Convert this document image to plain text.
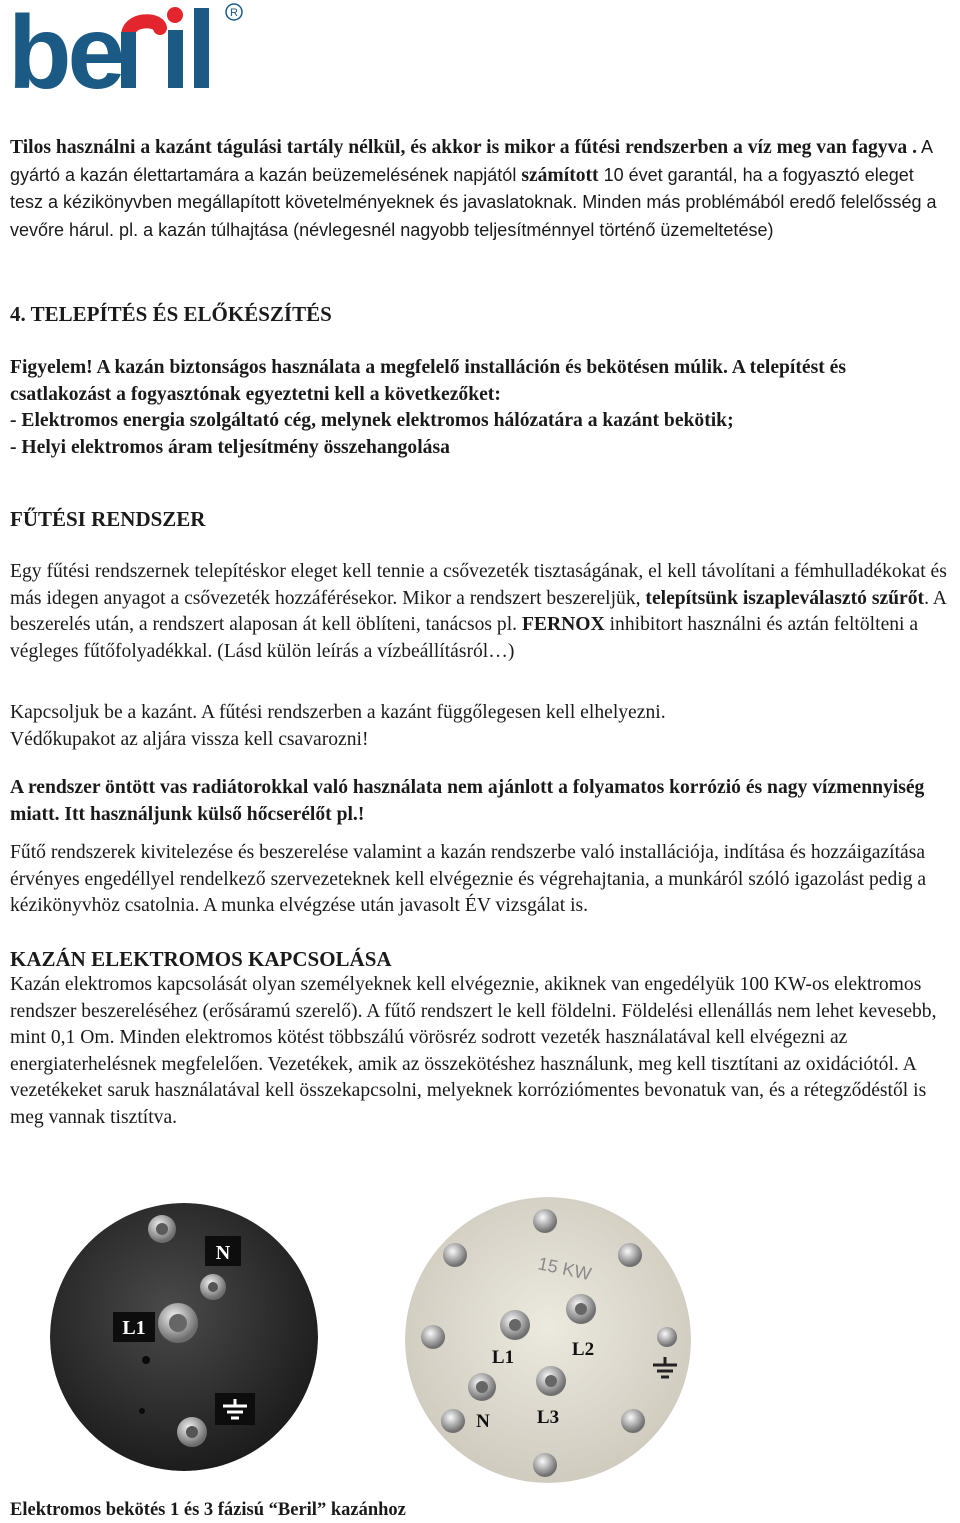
be	R

Tilos használni a kazánt tágulási tartály nélkül, és akkor is mikor a fűtési rendszerben a víz meg van fagyva . A gyártó a kazán élettartamára a kazán beüzemelésének napjától számított 10 évet garantál, ha a fogyasztó eleget tesz a kézikönyvben megállapított követelményeknek és javaslatoknak. Minden más problémából eredő felelősség a vevőre hárul. pl. a kazán túlhajtása (névlegesnél nagyobb teljesítménnyel történő üzemeltetése)

4. TELEPÍTÉS ÉS ELŐKÉSZÍTÉS
Figyelem! A kazán biztonságos használata a megfelelő installáción és bekötésen múlik. A telepítést és csatlakozást a fogyasztónak egyeztetni kell a következőket:
- Elektromos energia szolgáltató cég, melynek elektromos hálózatára a kazánt bekötik;
- Helyi elektromos áram teljesítmény összehangolása
FŰTÉSI RENDSZER

Egy fűtési rendszernek telepítéskor eleget kell tennie a csővezeték tisztaságának, el kell távolítani a fémhulladékokat és más idegen anyagot a csővezeték hozzáférésekor. Mikor a rendszert beszereljük, telepítsünk iszapleválasztó szűrőt. A beszerelés után, a rendszert alaposan át kell öblíteni, tanácsos pl. FERNOX inhibitort használni és aztán feltölteni a végleges fűtőfolyadékkal. (Lásd külön leírás a vízbeállításról…)

Kapcsoljuk be a kazánt. A fűtési rendszerben a kazánt függőlegesen kell elhelyezni.
Védőkupakot az aljára vissza kell csavarozni!

A rendszer öntött vas radiátorokkal való használata nem ajánlott a folyamatos korrózió és nagy vízmennyiség miatt. Itt használjunk külső hőcserélőt pl.!

Fűtő rendszerek kivitelezése és beszerelése valamint a kazán rendszerbe való installációja, indítása és hozzáigazítása érvényes engedéllyel rendelkező szervezeteknek kell elvégeznie és végrehajtania, a munkáról szóló igazolást pedig a kézikönyvhöz csatolnia. A munka elvégzése után javasolt ÉV vizsgálat is.

KAZÁN ELEKTROMOS KAPCSOLÁSA

Kazán elektromos kapcsolását olyan személyeknek kell elvégeznie, akiknek van engedélyük 100 KW-os elektromos rendszer beszereléséhez (erősáramú szerelő). A fűtő rendszert le kell földelni. Földelési ellenállás nem lehet kevesebb, mint 0,1 Om. Minden elektromos kötést többszálú vörösréz sodrott vezeték használatával kell elvégezni az energiaterhelésnek megfelelően. Vezetékek, amik az összekötéshez használunk, meg kell tisztítani az oxidációtól. A vezetékeket saruk használatával kell összekapcsolni, melyeknek korróziómentes bevonatuk van, és a rétegződéstől is meg vannak tisztítva.

N
L1
15 KW
L1	L2
L3
N
Elektromos bekötés 1 és 3 fázisú “Beril” kazánhoz
